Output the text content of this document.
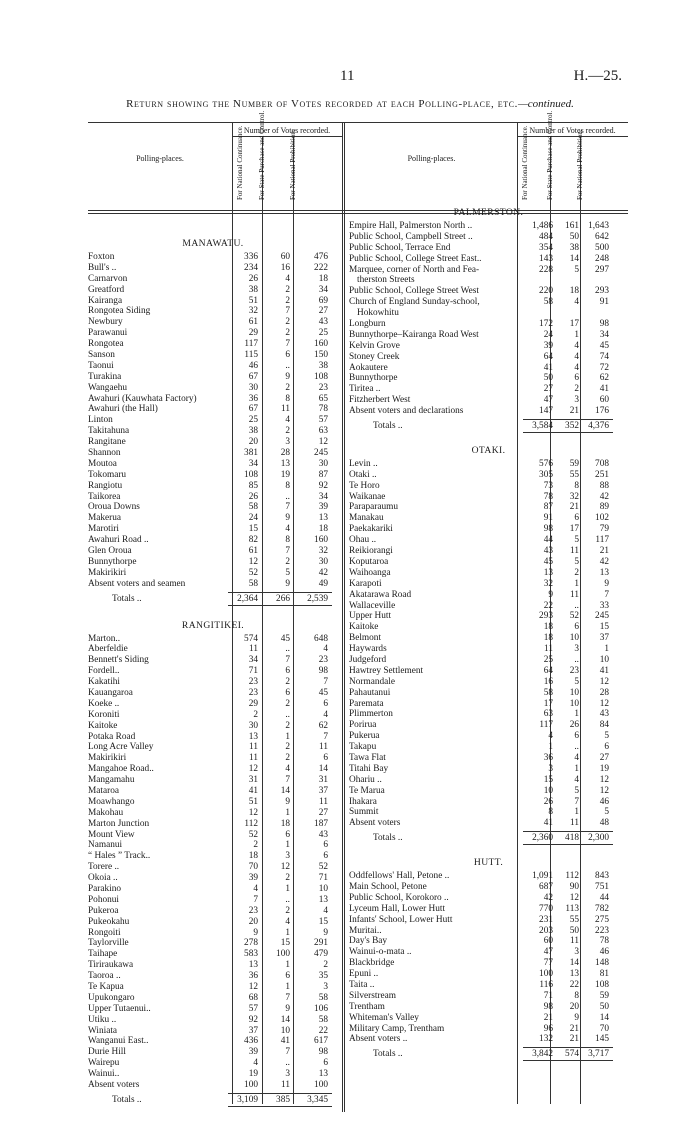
11	H.—25.
Return showing the Number of Votes recorded at each Polling-place, etc.—continued.
Polling-places.
Number of Votes recorded.
Polling-places.
Number of Votes recorded.
For National Continuance. For State Purchase and Control.	For National Prohibition.	For National Continuance. For State Purchase and Control.	For National Prohibition.
MANAWATU.
Foxton	336	60	476
Bull's ..	234	16	222
Carnarvon	26	4	18
Greatford	38	2	34
Kairanga	51	2	69
Rongotea Siding	32	7	27
Newbury	61	2	43
Parawanui	29	2	25
Rongotea	117	7	160
Sanson	115	6	150
Taonui	46	..	38
Turakina	67	9	108
Wangaehu	30	2	23
Awahuri (Kauwhata Factory)	36	8	65
Awahuri (the Hall)	67	11	78
Linton	25	4	57
Takitahuna	38	2	63
Rangitane	20	3	12
Shannon	381	28	245
Moutoa	34	13	30
Tokomaru	108	19	87
Rangiotu	85	8	92
Taikorea	26	..	34
Oroua Downs	58	7	39
Makerua	24	9	13
Marotiri	15	4	18
Awahuri Road ..	82	8	160
Glen Oroua	61	7	32
Bunnythorpe	12	2	30
Makirikiri	52	5	42
Absent voters and seamen	58	9	49
Totals ..	2,364	266	2,539
RANGITIKEI.
Marton..	574	45	648
Aberfeldie	11	..	4
Bennett's Siding	34	7	23
Fordell..	71	6	98
Kakatihi	23	2	7
Kauangaroa	23	6	45
Koeke ..	29	2	6
Koroniti	2	..	4
Kaitoke	30	2	62
Potaka Road	13	1	7
Long Acre Valley	11	2	11
Makirikiri	11	2	6
Mangahoe Road..	12	4	14
Mangamahu	31	7	31
Mataroa	41	14	37
Moawhango	51	9	11
Makohau	12	1	27
Marton Junction	112	18	187
Mount View	52	6	43
Namanui	2	1	6
“ Hales ” Track..	18	3	6
Torere ..	70	12	52
Okoia ..	39	2	71
Parakino	4	1	10
Pohonui	7	..	13
Pukeroa	23	2	4
Pukeokahu	20	4	15
Rongoiti	9	1	9
Taylorville	278	15	291
Taihape	583	100	479
Tiriraukawa	13	1	2
Taoroa ..	36	6	35
Te Kapua	12	1	3
Upukongaro	68	7	58
Upper Tutaenui..	57	9	106
Utiku ..	92	14	58
Winiata	37	10	22
Wanganui East..	436	41	617
Durie Hill	39	7	98
Wairepu	4	..	6
Wainui..	19	3	13
Absent voters	100	11	100
Totals ..	3,109	385	3,345
PALMERSTON.
Empire Hall, Palmerston North ..	1,486	161 1,643
Public School, Campbell Street ..	484	50	642
Public School, Terrace End	354	38	500
Public School, College Street East..	143	14	248
Marquee, corner of North and Fea-	228	5	297
therston Streets
Public School, College Street West	220	18	293
Church of England Sunday-school,	58	4	91
Hokowhitu
Longburn	172	17	98
Bunnythorpe–Kairanga Road West	24	1	34
Kelvin Grove	39	4	45
Stoney Creek	64	4	74
Aokautere	41	4	72
Bunnythorpe	50	6	62
Tiritea ..	27	2	41
Fitzherbert West	47	3	60
Absent voters and declarations	147	21	176
Totals ..	3,584	352 4,376
OTAKI.
Levin ..	576	59	708
Otaki ..	305	55	251
Te Horo	73	8	88
Waikanae	78	32	42
Paraparaumu	87	21	89
Manakau	91	6	102
Paekakariki	98	17	79
Ohau ..	44	5	117
Reikiorangi	43	11	21
Koputaroa	45	5	42
Waihoanga	13	2	13
Karapoti	32	1	9
Akatarawa Road	9	11	7
Wallaceville	22	..	33
Upper Hutt	293	52	245
Kaitoke	18	6	15
Belmont	18	10	37
Haywards	11	3	1
Judgeford	25	..	10
Hawtrey Settlement	64	23	41
Normandale	16	5	12
Pahautanui	58	10	28
Paremata	17	10	12
Plimmerton	63	1	43
Porirua	117	26	84
Pukerua	4	6	5
Takapu	1	..	6
Tawa Flat	36	4	27
Titahi Bay	3	1	19
Ohariu ..	15	4	12
Te Marua	10	5	12
Ihakara	26	7	46
Summit	8	1	5
Absent voters	41	11	48
Totals ..	2,360	418 2,300
HUTT.
Oddfellows' Hall, Petone ..	1,091	112	843
Main School, Petone	687	90	751
Public School, Korokoro ..	42	12	44
Lyceum Hall, Lower Hutt	770	113	782
Infants' School, Lower Hutt	231	55	275
Muritai..	203	50	223
Day's Bay	60	11	78
Wainui-o-mata ..	47	3	46
Blackbridge	77	14	148
Epuni ..	100	13	81
Taita ..	116	22	108
Silverstream	71	8	59
Trentham	98	20	50
Whiteman's Valley	21	9	14
Military Camp, Trentham	96	21	70
Absent voters ..	132	21	145
Totals ..	3,842	574 3,717
